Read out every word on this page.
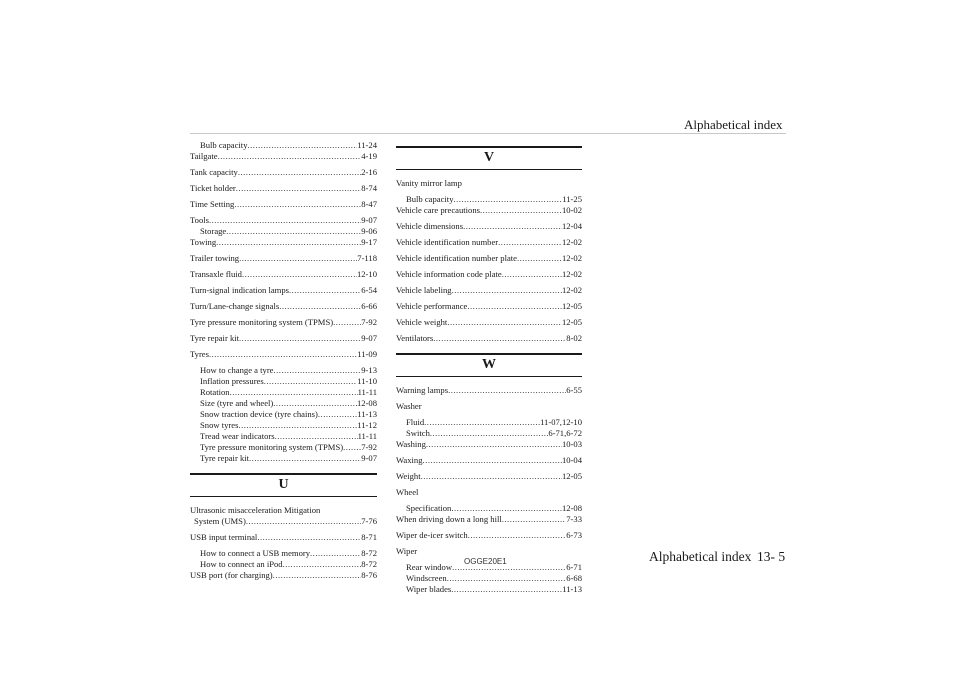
Alphabetical index
Bulb capacity .....	11-24
Tailgate .....	4-19
Tank capacity .....	2-16
Ticket holder .....	8-74
Time Setting .....	8-47
Tools .....	9-07
Storage .....	9-06
Towing .....	9-17
Trailer towing .....	7-118
Transaxle fluid .....	12-10
Turn-signal indication lamps .....	6-54
Turn/Lane-change signals .....	6-66
Tyre pressure monitoring system (TPMS) .....	7-92
Tyre repair kit .....	9-07
Tyres .....	11-09
How to change a tyre .....	9-13
Inflation pressures .....	11-10
Rotation .....	11-11
Size (tyre and wheel) .....	12-08
Snow traction device (tyre chains) .....	11-13
Snow tyres .....	11-12
Tread wear indicators .....	11-11
Tyre pressure monitoring system (TPMS) ..... 7-92
Tyre repair kit .....	9-07
U
Ultrasonic misacceleration Mitigation
System (UMS) .....	7-76
USB input terminal .....	8-71
How to connect a USB memory .....	8-72
How to connect an iPod .....	8-72
USB port (for charging) .....	8-76
V
Vanity mirror lamp
Bulb capacity .....	11-25
Vehicle care precautions .....	10-02
Vehicle dimensions .....	12-04
Vehicle identification number .....	12-02
Vehicle identification number plate .....	12-02
Vehicle information code plate .....	12-02
Vehicle labeling .....	12-02
Vehicle performance .....	12-05
Vehicle weight .....	12-05
Ventilators .....	8-02
W
Warning lamps .....	6-55
Washer
Fluid .....	11-07,12-10
Switch .....	6-71,6-72
Washing .....	10-03
Waxing .....	10-04
Weight .....	12-05
Wheel
Specification .....	12-08
When driving down a long hill .....	7-33
Wiper de-icer switch .....	6-73
Wiper
Rear window .....	6-71
Windscreen .....	6-68
Wiper blades .....	11-13
OGGE20E1	Alphabetical index 13- 5
